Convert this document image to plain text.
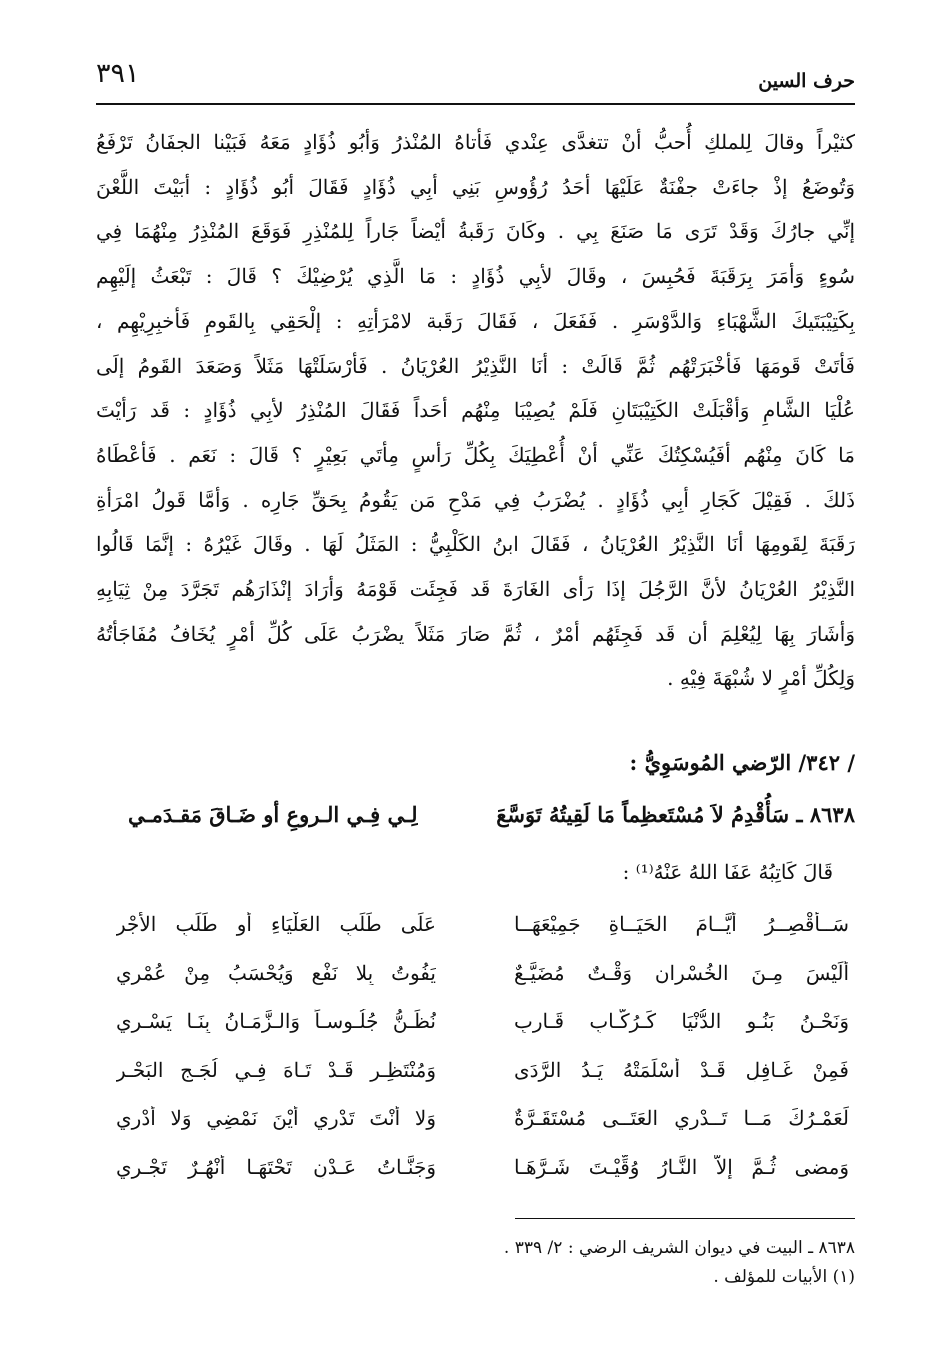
حرف السين
٣٩١
كثيْراً وقالَ لِلملكِ أُحبُّ أنْ تتغدَّى عِنْدي فَأتاهُ المُنْذرُ وَأبُو ذُؤَادٍ مَعَهُ فَبَيْنا الجفَانُ تَرْفَعُ
وَتُوضَعُ إذْ جاءَتْ جفْنَةٌ عَلَيْهَا أحَدُ رُؤُوسِ بَنِي أبِي ذُؤَادٍ فَقَالَ أبُو ذُؤَادٍ : أبَيْتَ اللَّعْنَ
إنِّي جارُكَ وَقَدْ تَرَى مَا صَنَعَ بِي . وكَانَ رَقَبةُ أيْضاً جَاراً لِلمُنْذِرِ فَوَقَعَ المُنْذِرُ مِنْهُمَا فِي
سُوءٍ وَأمَرَ بِرَقَبَةَ فَحُبِسَ ، وقَالَ لأبِي ذُؤَادٍ : مَا الَّذِي يُرْضِيْكَ ؟ قَالَ : تَبْعَثُ إلَيْهِم
بِكَتِيْبَتَيكَ الشَّهْبَاءِ وَالدَّوْسَرِ . فَفَعَلَ ، فَقَالَ رَقَبة لامْرَأتِهِ : إلْحَقِي بِالقَومِ فَأخبِرِيْهِم ،
فَأتَتْ قَومَهَا فَأخْبَرَتْهُم ثُمَّ قَالَتْ : أنَا النَّذِيْرُ العُرْيَانُ . فَأرْسَلَتْهَا مَثَلاً وَصَعَدَ القَومُ إلَى
عُلْيَا الشَّامِ وَأقْبَلَتْ الكَتِيْبَتَانِ فَلَمْ يُصِيْبَا مِنْهُم أحَداً فَقَالَ المُنْذِرُ لأبِي ذُؤَادٍ : قَد رَأيْتَ
مَا كَانَ مِنْهُم أفَيُسْكِتُكَ عَنِّي أنْ أُعْطِيَكَ بِكُلِّ رَأسٍ مِأتَي بَعِيْرٍ ؟ قَالَ : نَعَم . فَأعْطَاهُ
ذَلكَ . فَقِيْلَ كَجَارِ أبِي ذُؤَادٍ . يُضْرَبُ فِي مَدْحِ مَن يَقُومُ بِحَقِّ جَارِه . وَأمَّا قَولُ امْرَأةِ
رَقَبَةَ لِقَومِهَا أنَا النَّذِيْرُ العُرْيَانُ ، فَقَالَ ابنُ الكَلْبِيُّ : المَثَلُ لَهَا . وقَالَ غَيْرُهُ : إنَّمَا قَالُوا
النَّذِيْرُ العُرْيَانُ لأنَّ الرَّجُلَ إذَا رَأى الغَارَةَ قَد فَجِئَت قَوْمَهُ وَأرَادَ إنْذَارَهُم تَجَرَّدَ مِنْ ثِيَابِهِ
وَأشَارَ بِهَا لِيُعْلِمَ أن قَد فَجِئَهُم أمْرٌ ، ثُمَّ صَارَ مَثَلاً يضْرَبُ عَلَى كُلِّ أمْرٍ يُخَافُ مُفَاجَأتُهُ
وَلِكُلِّ أمْرٍ لا شُبْهَةَ فِيْهِ .
/ ٣٤٢/ الرّضي المُوسَوِيُّ :
٨٦٣٨ ـ سَأُقْدِمُ لاَ مُسْتَعظِماً مَا لَقِيتُهُ تَوَسَّعَ
لِـي فِـي الـروعِ أو ضَـاقَ مَقـدَمـي
قَالَ كَاتِبُهُ عَفَا اللهُ عَنْهُ⁽¹⁾ :
سَــأُقْصِــرُ أيَّــامَ الحَيَــاةِ جَمِيْعَهَــا
عَلَى طَلَبِ العَلْيَاءِ أو طَلَبِ الأجْرِ
ألَيْسَ مِـنَ الخُسْرانِ وَقْـتٌ مُضَيَّـعٌ
يَفُوتُ بِلا نَفْعٍ وَيُحْسَبُ مِنْ عُمْرِي
وَنَحْـنُ بَنُـو الدُّنْيَا كَـرُكَّـابِ قَـارِبٍ
نُظَـنُّ جُلُـوسـاً وَالـزَّمَـانُ بِنَـا يَسْـرِي
فَمِنْ غَـافِلٍ قَـدْ أسْلَمَتْهُ يَـدُ الرَّدَى
وَمُنْتَظِـرٍ قَـدْ تَـاهَ فِـي لُجَـجِ البَحْـرِ
لَعَمْـرُكَ مَــا تَــدْرِي العَتَــى مُسْتَقَـرَّةٌ
وَلا أنْتَ تَدْرِي أيْنَ نَمْضِي وَلا أدْرِي
وَمضى ثُـمَّ إلاَّ النَّـارُ وُقِّيْـتَ شَـرَّهَـا
وَجَنَّـاتُ عَـدْنٍ تَحْتَهَـا أنْهُـرٌ تَجْـرِي
٨٦٣٨ ـ البيت في ديوان الشريف الرضي : ٢/ ٣٣٩ .
(١) الأبيات للمؤلف .
